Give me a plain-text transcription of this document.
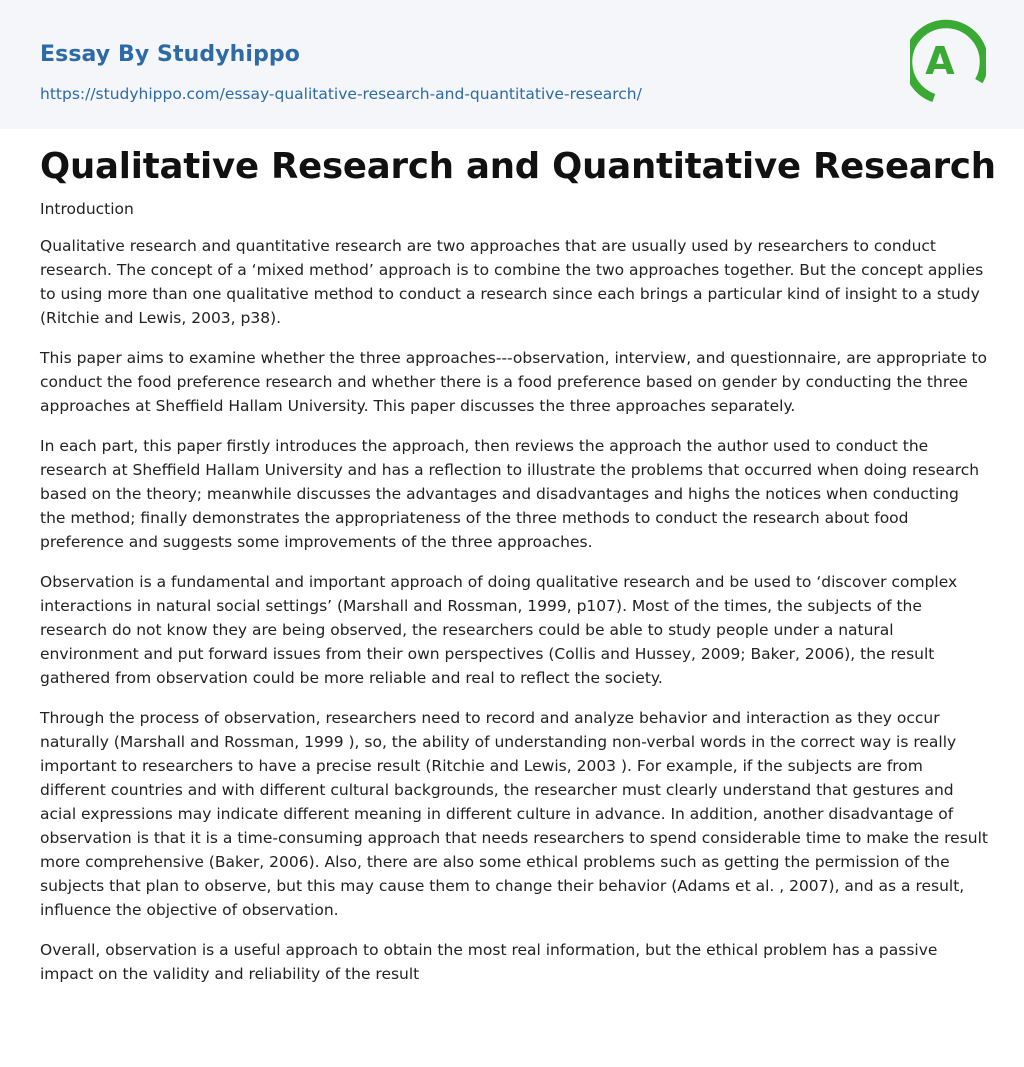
Essay By Studyhippo
https://studyhippo.com/essay-qualitative-research-and-quantitative-research/
A
Qualitative Research and Quantitative Research
Introduction

Qualitative research and quantitative research are two approaches that are usually used by researchers to conduct research. The concept of a ‘mixed method’ approach is to combine the two approaches together. But the concept applies to using more than one qualitative method to conduct a research since each brings a particular kind of insight to a study (Ritchie and Lewis, 2003, p38).

This paper aims to examine whether the three approaches---observation, interview, and questionnaire, are appropriate to conduct the food preference research and whether there is a food preference based on gender by conducting the three approaches at Sheffield Hallam University. This paper discusses the three approaches separately.

In each part, this paper firstly introduces the approach, then reviews the approach the author used to conduct the research at Sheffield Hallam University and has a reflection to illustrate the problems that occurred when doing research based on the theory; meanwhile discusses the advantages and disadvantages and highs the notices when conducting the method; finally demonstrates the appropriateness of the three methods to conduct the research about food preference and suggests some improvements of the three approaches.

Observation is a fundamental and important approach of doing qualitative research and be used to ‘discover complex interactions in natural social settings’ (Marshall and Rossman, 1999, p107). Most of the times, the subjects of the research do not know they are being observed, the researchers could be able to study people under a natural environment and put forward issues from their own perspectives (Collis and Hussey, 2009; Baker, 2006), the result gathered from observation could be more reliable and real to reflect the society.

Through the process of observation, researchers need to record and analyze behavior and interaction as they occur naturally (Marshall and Rossman, 1999 ), so, the ability of understanding non-verbal words in the correct way is really important to researchers to have a precise result (Ritchie and Lewis, 2003 ). For example, if the subjects are from different countries and with different cultural backgrounds, the researcher must clearly understand that gestures and acial expressions may indicate different meaning in different culture in advance. In addition, another disadvantage of observation is that it is a time-consuming approach that needs researchers to spend considerable time to make the result more comprehensive (Baker, 2006). Also, there are also some ethical problems such as getting the permission of the subjects that plan to observe, but this may cause them to change their behavior (Adams et al. , 2007), and as a result, influence the objective of observation.

Overall, observation is a useful approach to obtain the most real information, but the ethical problem has a passive impact on the validity and reliability of the result
